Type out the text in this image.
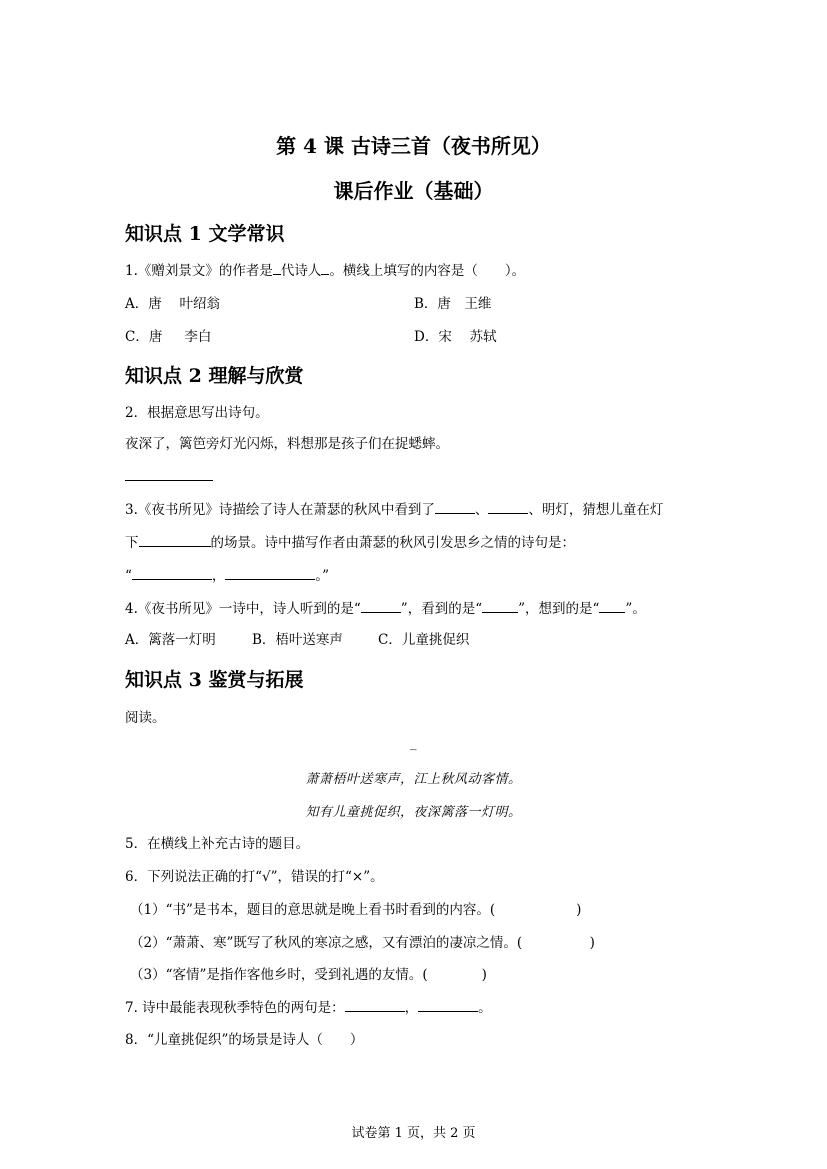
第 4 课 古诗三首（夜书所见）
课后作业（基础）
知识点 1 文学常识
1.《赠刘景文》的作者是 代诗人 。横线上填写的内容是（　　）。
A．唐　 叶绍翁	B．唐　王维
C．唐 　 李白	D．宋 　苏轼
知识点 2 理解与欣赏
2．根据意思写出诗句。
夜深了，篱笆旁灯光闪烁，料想那是孩子们在捉蟋蟀。
3.《夜书所见》诗描绘了诗人在萧瑟的秋风中看到了	、	、明灯，猜想儿童在灯
下	的场景。诗中描写作者由萧瑟的秋风引发思乡之情的诗句是：
“	，	。”
4.《夜书所见》一诗中，诗人听到的是“	”，看到的是“	”，想到的是“ ”。
A．篱落一灯明	B．梧叶送寒声	C．儿童挑促织
知识点 3 鉴赏与拓展
阅读。
_
萧萧梧叶送寒声，江上秋风动客情。
知有儿童挑促织，夜深篱落一灯明。
5．在横线上补充古诗的题目。
6．下列说法正确的打“√”，错误的打“×”。
（1）“书”是书本，题目的意思就是晚上看书时看到的内容。(　　　　　　)
（2）“萧萧、寒”既写了秋风的寒凉之感，又有漂泊的凄凉之情。(　　　　　)
（3）“客情”是指作客他乡时，受到礼遇的友情。(　　　　)
7. 诗中最能表现秋季特色的两句是：	，	。
8．“儿童挑促织”的场景是诗人（　　）
试卷第 1 页，共 2 页
